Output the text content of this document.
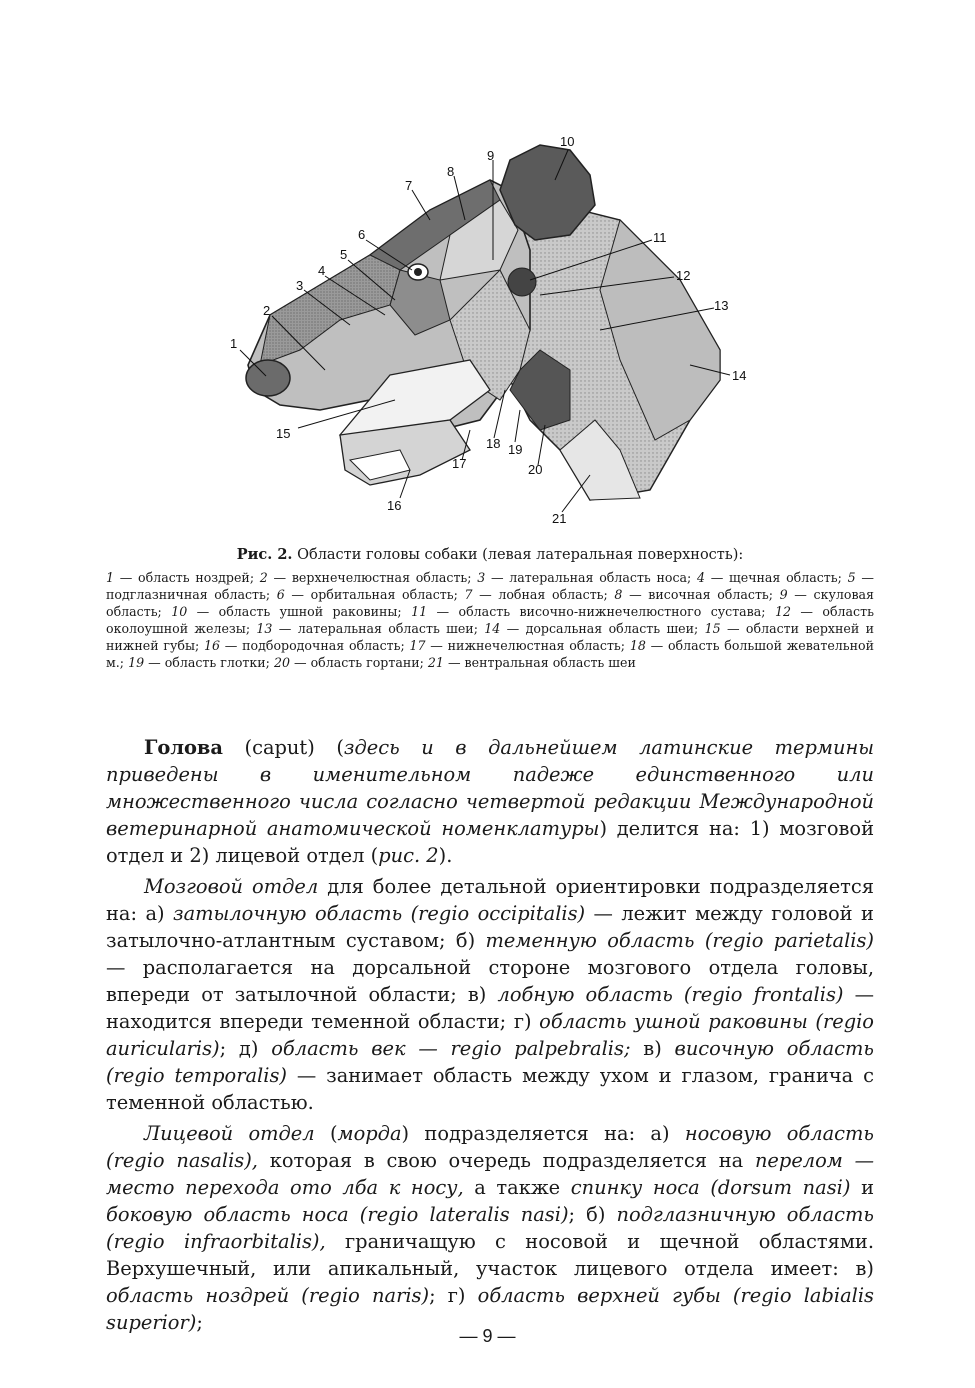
1
2
3
4
5
6
7
8
9
10
11
12
13
14
15
16
17
18 19
20
21
Рис. 2. Области головы собаки (левая латеральная поверхность):
1 — область ноздрей; 2 — верхнечелюстная область; 3 — латеральная область носа; 4 — щечная область; 5 — подглазничная область; 6 — орбитальная область; 7 — лобная область; 8 — височная область; 9 — скуловая область; 10 — область ушной раковины; 11 — область височно-нижнечелюстного сустава; 12 — область околоушной железы; 13 — латеральная область шеи; 14 — дорсальная область шеи; 15 — области верхней и нижней губы; 16 — подбородочная область; 17 — нижнечелюстная область; 18 — область большой жевательной м.; 19 — область глотки; 20 — область гортани; 21 — вентральная область шеи

Голова (caput) (здесь и в дальнейшем латинские термины приведены в именительном падеже единственного или множественного числа согласно четвертой редакции Международной ветеринарной анатомической номенклатуры) делится на: 1) мозговой отдел и 2) лицевой отдел (рис. 2).

Мозговой отдел для более детальной ориентировки подразделяется на: а) затылочную область (regio occipitalis) — лежит между головой и затылочно-атлантным суставом; б) теменную область (regio parietalis) — располагается на дорсальной стороне мозгового отдела головы, впереди от затылочной области; в) лобную область (regio frontalis) — находится впереди теменной области; г) область ушной раковины (regio auricularis); д) область век — regio palpebralis; в) височную область (regio temporalis) — занимает область между ухом и глазом, гранича с теменной областью.

Лицевой отдел (морда) подразделяется на: а) носовую область (regio nasalis), которая в свою очередь подразделяется на перелом — место перехода ото лба к носу, а также спинку носа (dorsum nasi) и боковую область носа (regio lateralis nasi); б) подглазничную область (regio infraorbitalis), граничащую с носовой и щечной областями. Верхушечный, или апикальный, участок лицевого отдела имеет: в) область ноздрей (regio naris); г) область верхней губы (regio labialis superior);

— 9 —
